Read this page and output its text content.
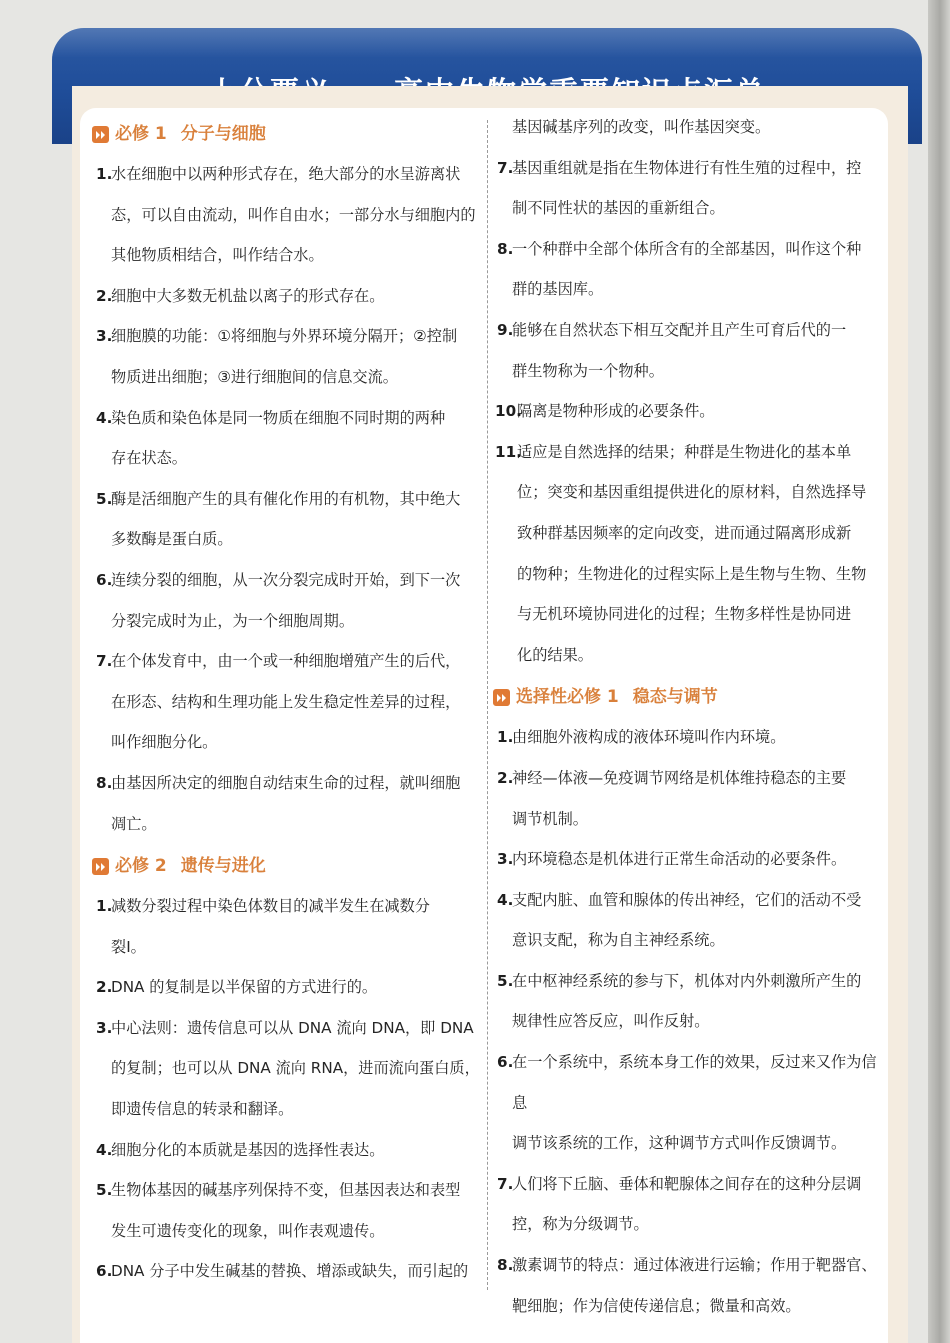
必修 1 分子与细胞
1.
水在细胞中以两种形式存在，绝大部分的水呈游离状
态，可以自由流动，叫作自由水；一部分水与细胞内的
其他物质相结合，叫作结合水。
2.
细胞中大多数无机盐以离子的形式存在。
3.
细胞膜的功能：①将细胞与外界环境分隔开；②控制
物质进出细胞；③进行细胞间的信息交流。
4.
染色质和染色体是同一物质在细胞不同时期的两种
存在状态。
5.
酶是活细胞产生的具有催化作用的有机物，其中绝大
多数酶是蛋白质。
6.
连续分裂的细胞，从一次分裂完成时开始，到下一次
分裂完成时为止，为一个细胞周期。
7.
在个体发育中，由一个或一种细胞增殖产生的后代，
在形态、结构和生理功能上发生稳定性差异的过程，
叫作细胞分化。
8.
由基因所决定的细胞自动结束生命的过程，就叫细胞
凋亡。
必修 2 遗传与进化
1.
减数分裂过程中染色体数目的减半发生在减数分
裂Ⅰ。
2.
DNA 的复制是以半保留的方式进行的。
3.
中心法则：遗传信息可以从 DNA 流向 DNA，即 DNA
的复制；也可以从 DNA 流向 RNA，进而流向蛋白质，
即遗传信息的转录和翻译。
4.
细胞分化的本质就是基因的选择性表达。
5.
生物体基因的碱基序列保持不变，但基因表达和表型
发生可遗传变化的现象，叫作表观遗传。
6.
DNA 分子中发生碱基的替换、增添或缺失，而引起的
基因碱基序列的改变，叫作基因突变。
7.
基因重组就是指在生物体进行有性生殖的过程中，控
制不同性状的基因的重新组合。
8.
一个种群中全部个体所含有的全部基因，叫作这个种
群的基因库。
9.
能够在自然状态下相互交配并且产生可育后代的一
群生物称为一个物种。
10.
隔离是物种形成的必要条件。
11.
适应是自然选择的结果；种群是生物进化的基本单
位；突变和基因重组提供进化的原材料，自然选择导
致种群基因频率的定向改变，进而通过隔离形成新
的物种；生物进化的过程实际上是生物与生物、生物
与无机环境协同进化的过程；生物多样性是协同进
化的结果。
选择性必修 1 稳态与调节
1.
由细胞外液构成的液体环境叫作内环境。
2.
神经—体液—免疫调节网络是机体维持稳态的主要
调节机制。
3.
内环境稳态是机体进行正常生命活动的必要条件。
4.
支配内脏、血管和腺体的传出神经，它们的活动不受
意识支配，称为自主神经系统。
5.
在中枢神经系统的参与下，机体对内外刺激所产生的
规律性应答反应，叫作反射。
6.
在一个系统中，系统本身工作的效果，反过来又作为信息
调节该系统的工作，这种调节方式叫作反馈调节。
7.
人们将下丘脑、垂体和靶腺体之间存在的这种分层调
控，称为分级调节。
8.
激素调节的特点：通过体液进行运输；作用于靶器官、
靶细胞；作为信使传递信息；微量和高效。
